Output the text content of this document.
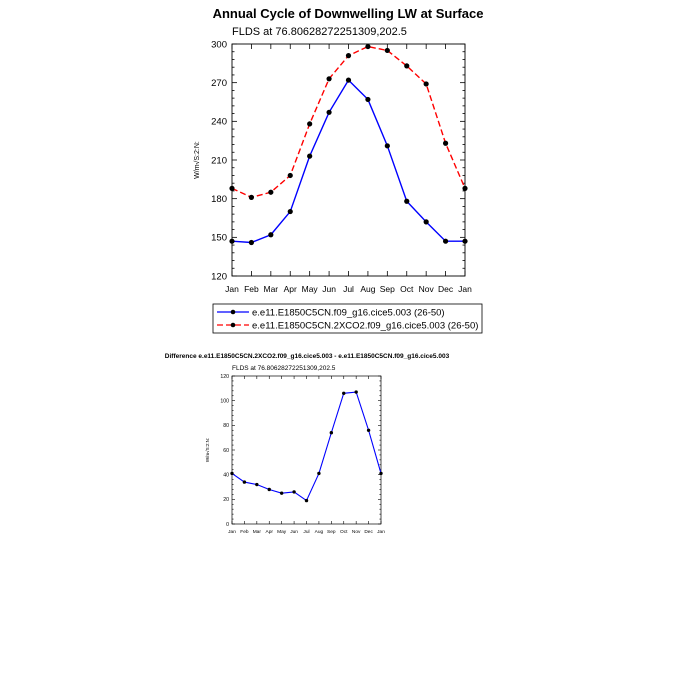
Annual Cycle of Downwelling LW at Surface
FLDS at 76.80628272251309,202.5
W/m√S:2:N:
120
150
180
210
240
270
300
Jan Feb Mar Apr May Jun Jul Aug Sep Oct Nov Dec Jan
e.e11.E1850C5CN.f09_g16.cice5.003 (26-50)
e.e11.E1850C5CN.2XCO2.f09_g16.cice5.003 (26-50)
Difference e.e11.E1850C5CN.2XCO2.f09_g16.cice5.003 - e.e11.E1850C5CN.f09_g16.cice5.003
FLDS at 76.80628272251309,202.5
W/m√S:2:N:
0
20
40
60
80
100
120
Jan Feb Mar Apr May Jun Jul Aug Sep Oct Nov Dec Jan
